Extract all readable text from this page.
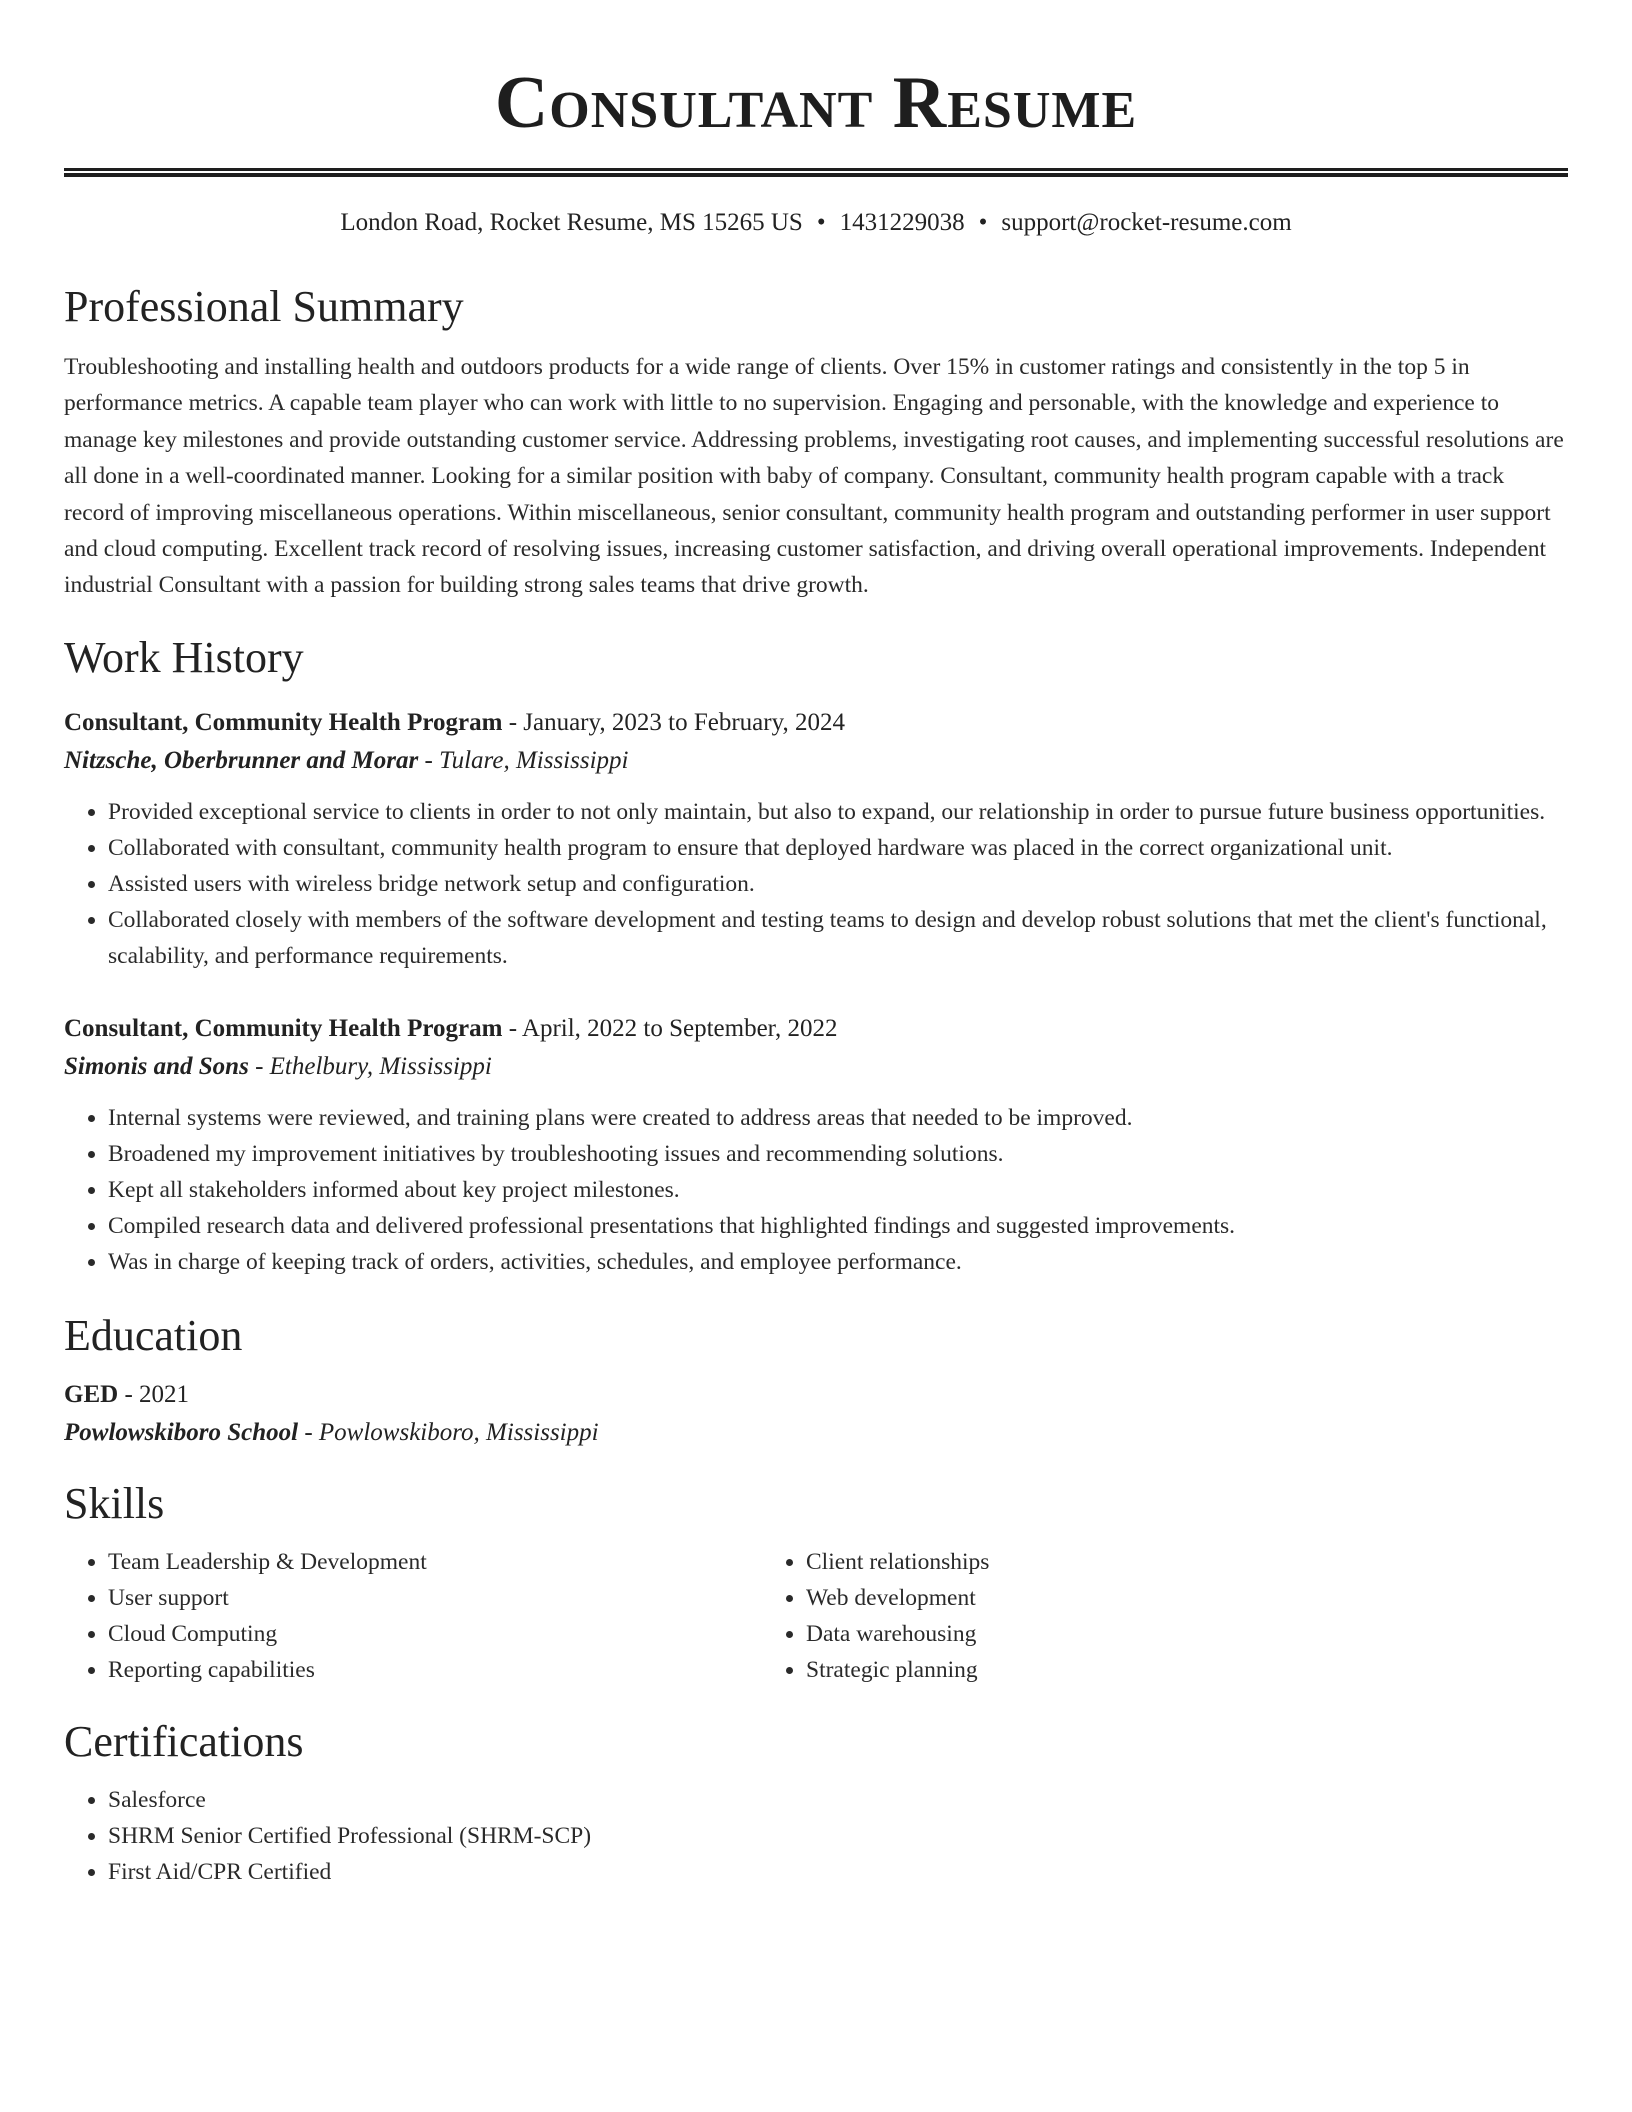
Consultant Resume
London Road, Rocket Resume, MS 15265 US • 1431229038 • support@rocket-resume.com
Professional Summary

Troubleshooting and installing health and outdoors products for a wide range of clients. Over 15% in customer ratings and consistently in the top 5 in performance metrics. A capable team player who can work with little to no supervision. Engaging and personable, with the knowledge and experience to manage key milestones and provide outstanding customer service. Addressing problems, investigating root causes, and implementing successful resolutions are all done in a well-coordinated manner. Looking for a similar position with baby of company. Consultant, community health program capable with a track record of improving miscellaneous operations. Within miscellaneous, senior consultant, community health program and outstanding performer in user support and cloud computing. Excellent track record of resolving issues, increasing customer satisfaction, and driving overall operational improvements. Independent industrial Consultant with a passion for building strong sales teams that drive growth.

Work History
Consultant, Community Health Program - January, 2023 to February, 2024
Nitzsche, Oberbrunner and Morar - Tulare, Mississippi
• Provided exceptional service to clients in order to not only maintain, but also to expand, our relationship in order to pursue future business opportunities.
• Collaborated with consultant, community health program to ensure that deployed hardware was placed in the correct organizational unit.
• Assisted users with wireless bridge network setup and configuration.
• Collaborated closely with members of the software development and testing teams to design and develop robust solutions that met the client's functional, scalability, and performance requirements.
Consultant, Community Health Program - April, 2022 to September, 2022
Simonis and Sons - Ethelbury, Mississippi
• Internal systems were reviewed, and training plans were created to address areas that needed to be improved.
• Broadened my improvement initiatives by troubleshooting issues and recommending solutions.
• Kept all stakeholders informed about key project milestones.
• Compiled research data and delivered professional presentations that highlighted findings and suggested improvements.
• Was in charge of keeping track of orders, activities, schedules, and employee performance.
Education
GED - 2021
Powlowskiboro School - Powlowskiboro, Mississippi
Skills
• Team Leadership & Development
• User support
• Cloud Computing
• Reporting capabilities
• Client relationships
• Web development
• Data warehousing
• Strategic planning
Certifications
• Salesforce
• SHRM Senior Certified Professional (SHRM-SCP)
• First Aid/CPR Certified
